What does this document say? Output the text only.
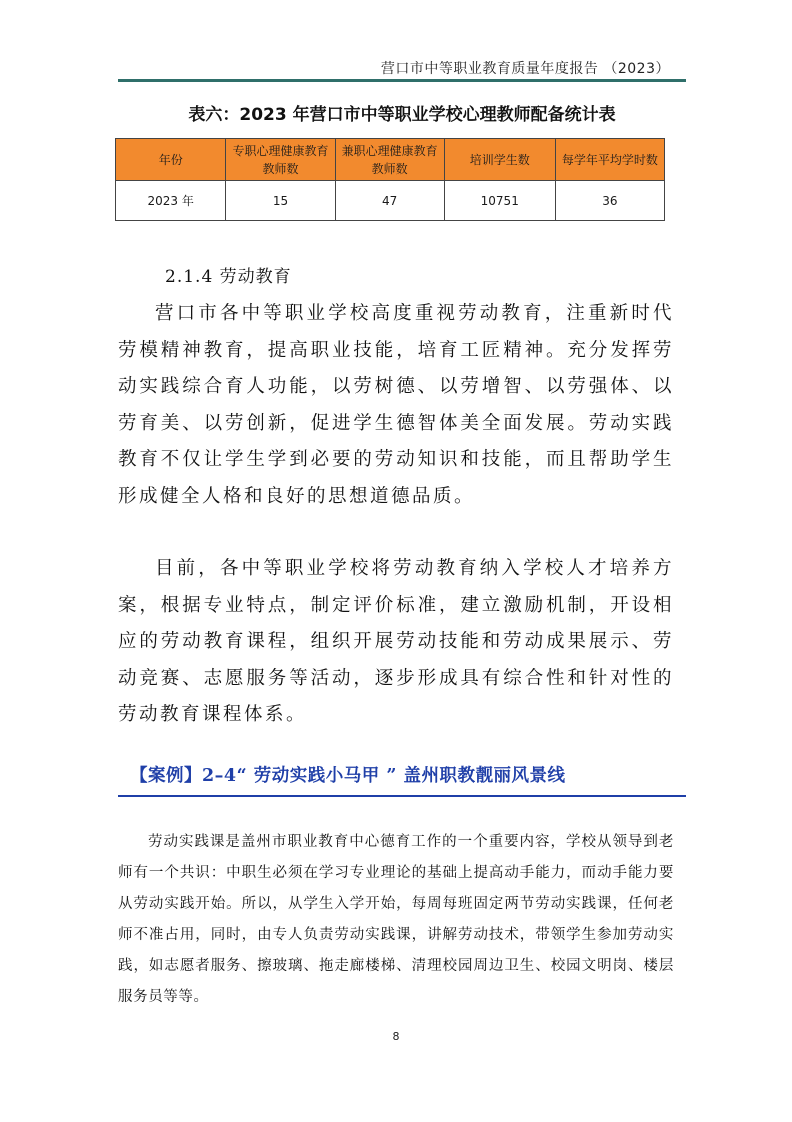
营口市中等职业教育质量年度报告 （2023）
表六：2023 年营口市中等职业学校心理教师配备统计表
年份	专职心理健康教育教师数	兼职心理健康教育教师数	培训学生数	每学年平均学时数
2023 年	15	47	10751	36
2.1.4 劳动教育

营口市各中等职业学校高度重视劳动教育，注重新时代劳模精神教育，提高职业技能，培育工匠精神。充分发挥劳动实践综合育人功能，以劳树德、以劳增智、以劳强体、以劳育美、以劳创新，促进学生德智体美全面发展。劳动实践教育不仅让学生学到必要的劳动知识和技能，而且帮助学生形成健全人格和良好的思想道德品质。

目前，各中等职业学校将劳动教育纳入学校人才培养方案，根据专业特点，制定评价标准，建立激励机制，开设相应的劳动教育课程，组织开展劳动技能和劳动成果展示、劳动竞赛、志愿服务等活动，逐步形成具有综合性和针对性的劳动教育课程体系。

【案例】2–4“ 劳动实践小马甲 ” 盖州职教靓丽风景线

劳动实践课是盖州市职业教育中心德育工作的一个重要内容，学校从领导到老师有一个共识：中职生必须在学习专业理论的基础上提高动手能力，而动手能力要从劳动实践开始。所以，从学生入学开始，每周每班固定两节劳动实践课，任何老师不准占用，同时，由专人负责劳动实践课，讲解劳动技术，带领学生参加劳动实践，如志愿者服务、擦玻璃、拖走廊楼梯、清理校园周边卫生、校园文明岗、楼层服务员等等。

8
